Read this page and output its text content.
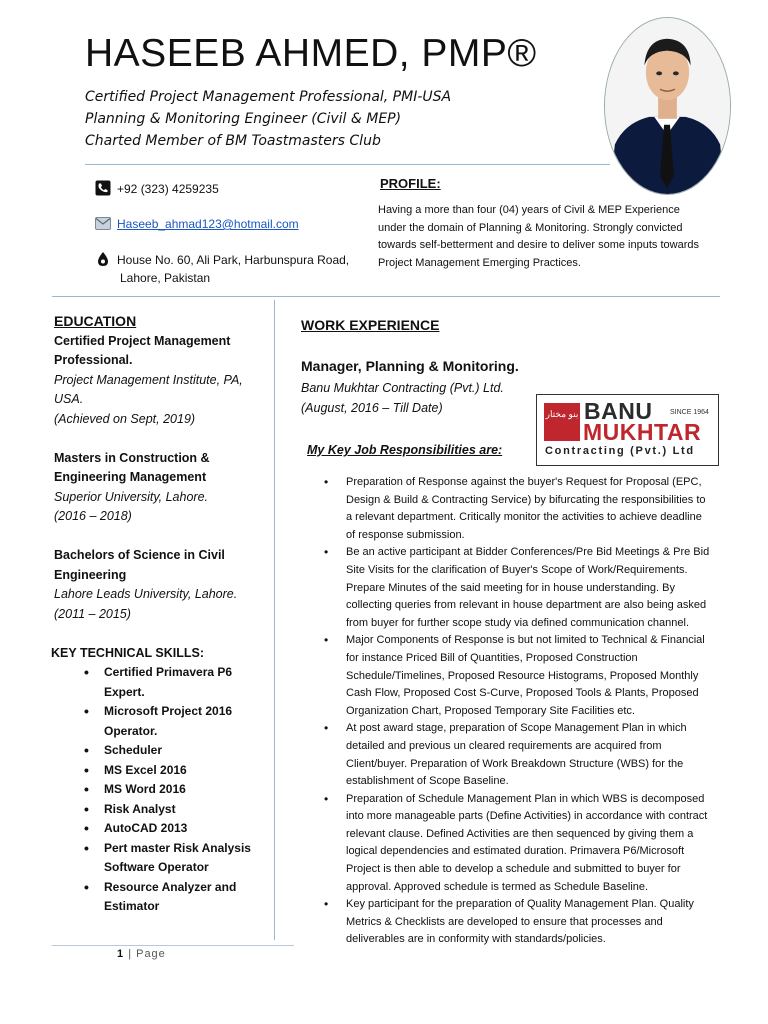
HASEEB AHMED, PMP®
Certified Project Management Professional, PMI-USA
Planning & Monitoring Engineer (Civil & MEP)
Charted Member of BM Toastmasters Club
+92 (323) 4259235
Haseeb_ahmad123@hotmail.com
House No. 60, Ali Park, Harbunspura Road,
Lahore, Pakistan
PROFILE:
Having a more than four (04) years of Civil & MEP Experience under the domain of Planning & Monitoring. Strongly convicted towards self-betterment and desire to deliver some inputs towards Project Management Emerging Practices.
EDUCATION
Certified Project Management Professional.
Project Management Institute, PA, USA.
(Achieved on Sept, 2019)
Masters in Construction & Engineering Management
Superior University, Lahore.
(2016 – 2018)
Bachelors of Science in Civil Engineering
Lahore Leads University, Lahore.
(2011 – 2015)
KEY TECHNICAL SKILLS:
• Certified Primavera P6 Expert.
• Microsoft Project 2016 Operator.
• Scheduler
• MS Excel 2016
• MS Word 2016
• Risk Analyst
• AutoCAD 2013
• Pert master Risk Analysis Software Operator
• Resource Analyzer and Estimator
1 | Page
WORK EXPERIENCE
Manager, Planning & Monitoring.
Banu Mukhtar Contracting (Pvt.) Ltd.
(August, 2016 – Till Date)	بنو مختار BANU	SINCE 1964
MUKHTAR
Contracting (Pvt.) Ltd
My Key Job Responsibilities are:
• Preparation of Response against the buyer's Request for Proposal (EPC, Design & Build & Contracting Service) by bifurcating the responsibilities to a relevant department. Critically monitor the activities to achieve deadline of response submission.
• Be an active participant at Bidder Conferences/Pre Bid Meetings & Pre Bid Site Visits for the clarification of Buyer's Scope of Work/Requirements. Prepare Minutes of the said meeting for in house understanding. By collecting queries from relevant in house department are also being asked from buyer for further scope study via defined communication channel.
• Major Components of Response is but not limited to Technical & Financial for instance Priced Bill of Quantities, Proposed Construction Schedule/Timelines, Proposed Resource Histograms, Proposed Monthly Cash Flow, Proposed Cost S-Curve, Proposed Tools & Plants, Proposed Organization Chart, Proposed Temporary Site Facilities etc.
• At post award stage, preparation of Scope Management Plan in which detailed and previous un cleared requirements are acquired from Client/buyer. Preparation of Work Breakdown Structure (WBS) for the establishment of Scope Baseline.
• Preparation of Schedule Management Plan in which WBS is decomposed into more manageable parts (Define Activities) in accordance with contract relevant clause. Defined Activities are then sequenced by giving them a logical dependencies and estimated duration. Primavera P6/Microsoft Project is then able to develop a schedule and submitted to buyer for approval. Approved schedule is termed as Schedule Baseline.
• Key participant for the preparation of Quality Management Plan. Quality Metrics & Checklists are developed to ensure that processes and deliverables are in conformity with standards/policies.
